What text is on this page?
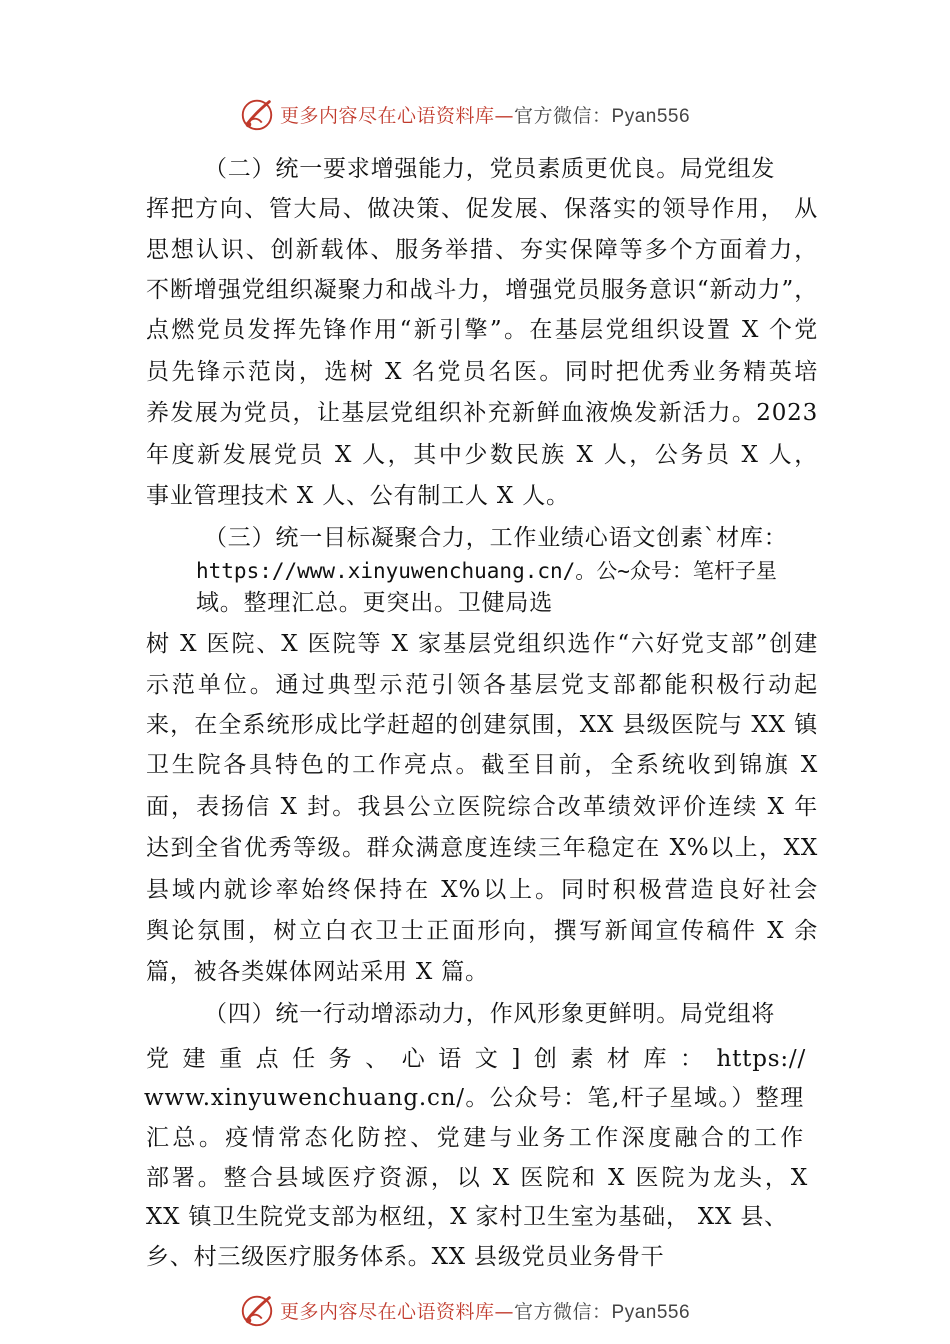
更多内容尽在心语资料库—官方微信：Pyan556
（二）统一要求增强能力，党员素质更优良。局党组发
挥把方向、管大局、做决策、促发展、保落实的领导作用， 从
思想认识、创新载体、服务举措、夯实保障等多个方面着力，
不断增强党组织凝聚力和战斗力，增强党员服务意识“新动力”，
点燃党员发挥先锋作用“新引擎”。在基层党组织设置 X 个党
员先锋示范岗，选树 X 名党员名医。同时把优秀业务精英培
养发展为党员，让基层党组织补充新鲜血液焕发新活力。2023
年度新发展党员 X 人，其中少数民族 X 人，公务员 X 人，
事业管理技术 X 人、公有制工人 X 人。
（三）统一目标凝聚合力，工作业绩心语文创素`材库：
https://www.xinyuwenchuang.cn/。公~众号：笔杆子星
域。整理汇总。更突出。卫健局选
树 X 医院、X 医院等 X 家基层党组织选作“六好党支部”创建
示范单位。通过典型示范引领各基层党支部都能积极行动起
来，在全系统形成比学赶超的创建氛围，XX 县级医院与 XX 镇
卫生院各具特色的工作亮点。截至目前，全系统收到锦旗 X
面，表扬信 X 封。我县公立医院综合改革绩效评价连续 X 年
达到全省优秀等级。群众满意度连续三年稳定在 X%以上，XX
县域内就诊率始终保持在 X%以上。同时积极营造良好社会
舆论氛围，树立白衣卫士正面形向，撰写新闻宣传稿件 X 余
篇，被各类媒体网站采用 X 篇。
（四）统一行动增添动力，作风形象更鲜明。局党组将
党建重点任务、心语文]创素材库：https://
www.xinyuwenchuang.cn/。公众号：笔,杆子星域。）整理
汇总。疫情常态化防控、党建与业务工作深度融合的工作
部署。整合县域医疗资源，以 X 医院和 X 医院为龙头，X
XX 镇卫生院党支部为枢纽，X 家村卫生室为基础， XX 县、
乡、村三级医疗服务体系。XX 县级党员业务骨干
更多内容尽在心语资料库—官方微信：Pyan556
